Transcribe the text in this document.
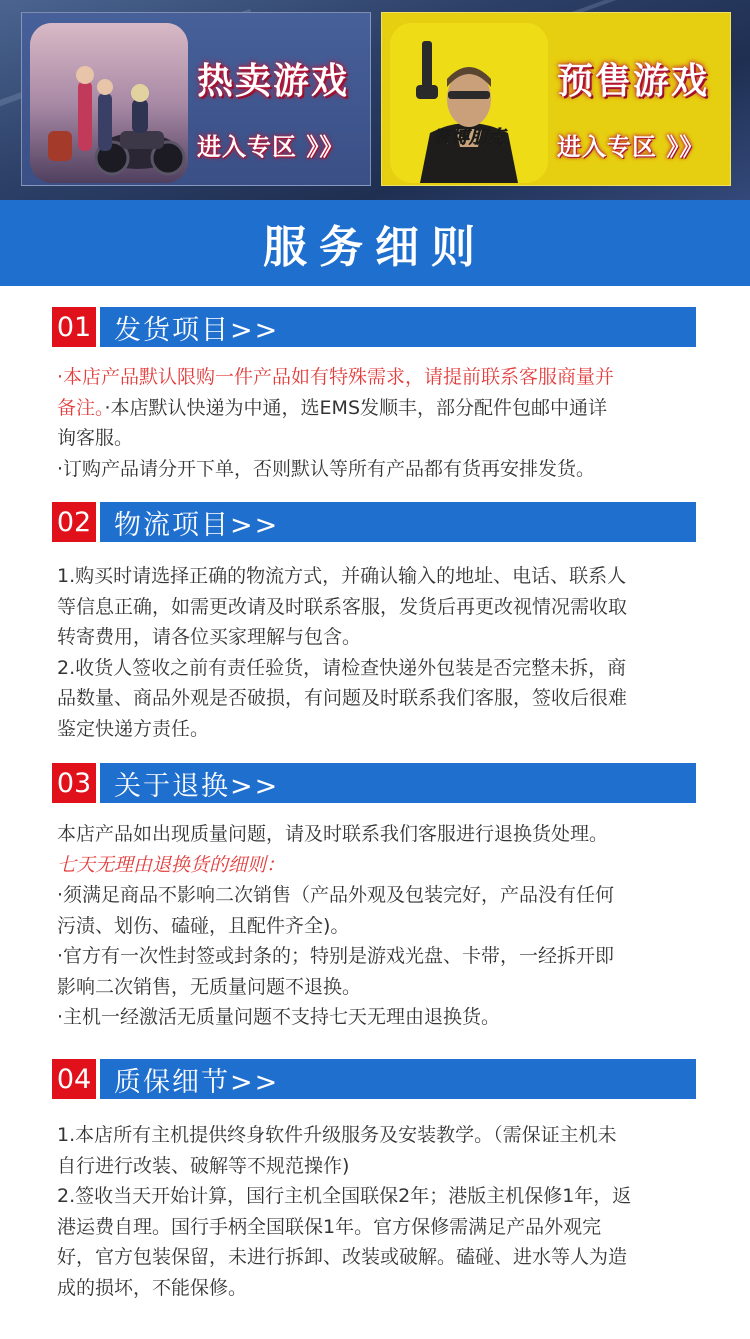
热卖游戏
进入专区 》》	赛博朋克
预售游戏
进入专区 》》
服务细则
01 发货项目>>
·本店产品默认限购一件产品如有特殊需求，请提前联系客服商量并
备注。·本店默认快递为中通，选EMS发顺丰，部分配件包邮中通详
询客服。
·订购产品请分开下单，否则默认等所有产品都有货再安排发货。
02 物流项目>>
1.购买时请选择正确的物流方式，并确认输入的地址、电话、联系人
等信息正确，如需更改请及时联系客服，发货后再更改视情况需收取
转寄费用，请各位买家理解与包含。
2.收货人签收之前有责任验货，请检查快递外包装是否完整未拆，商
品数量、商品外观是否破损，有问题及时联系我们客服，签收后很难
鉴定快递方责任。
03 关于退换>>
本店产品如出现质量问题，请及时联系我们客服进行退换货处理。
七天无理由退换货的细则：
·须满足商品不影响二次销售（产品外观及包装完好，产品没有任何
污渍、划伤、磕碰，且配件齐全)。
·官方有一次性封签或封条的；特别是游戏光盘、卡带，一经拆开即
影响二次销售，无质量问题不退换。
·主机一经激活无质量问题不支持七天无理由退换货。
04 质保细节>>
1.本店所有主机提供终身软件升级服务及安装教学。（需保证主机未
自行进行改装、破解等不规范操作)
2.签收当天开始计算，国行主机全国联保2年；港版主机保修1年，返
港运费自理。国行手柄全国联保1年。官方保修需满足产品外观完
好，官方包装保留，未进行拆卸、改装或破解。磕碰、进水等人为造
成的损坏，不能保修。
